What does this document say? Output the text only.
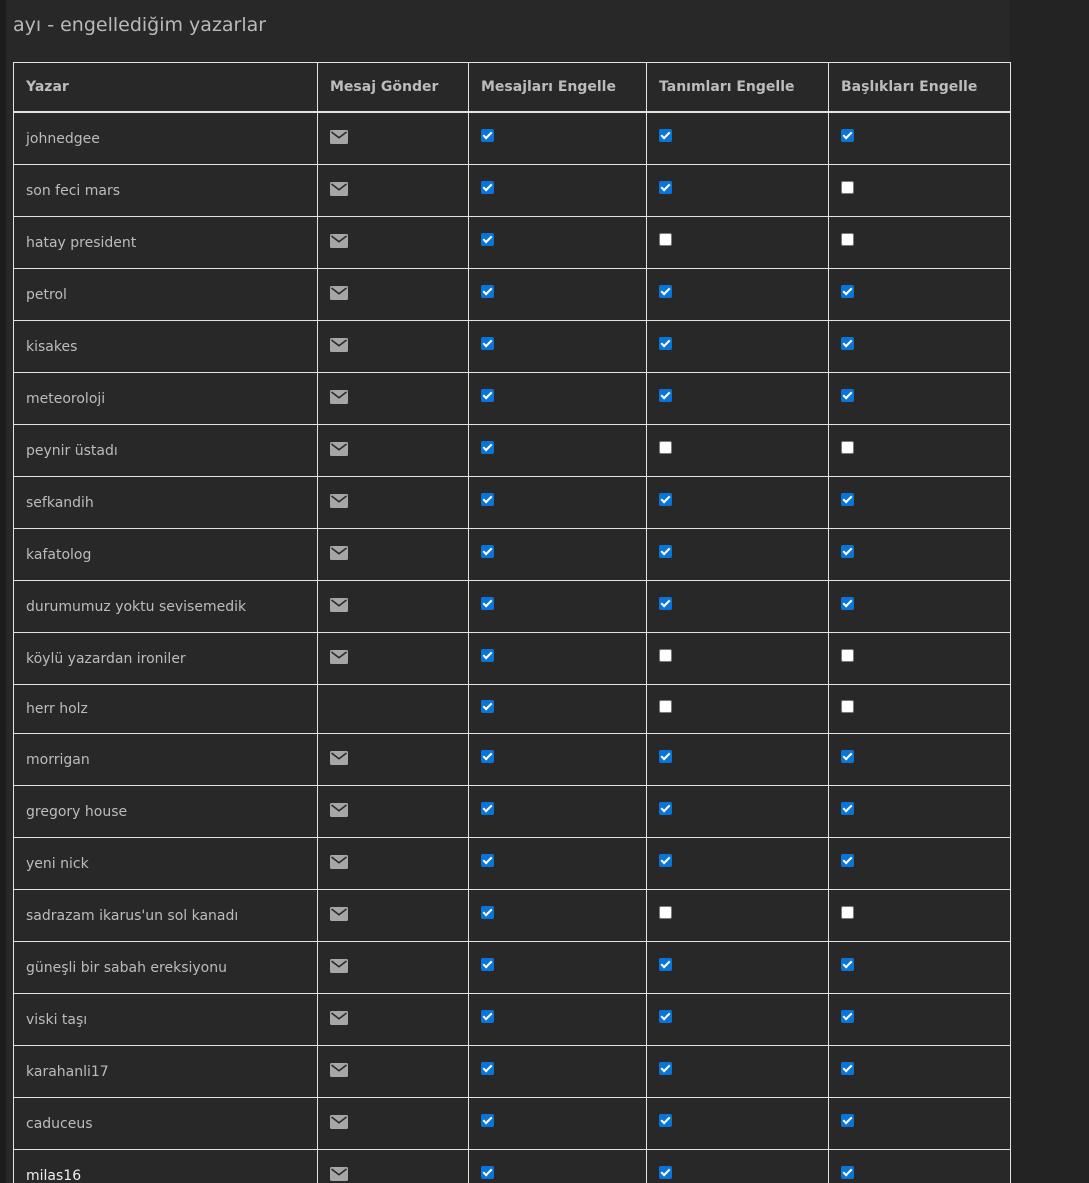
ayı - engellediğim yazarlar
Yazar	Mesaj Gönder	Mesajları Engelle	Tanımları Engelle	Başlıkları Engelle
johnedgee				
son feci mars				
hatay president				
petrol				
kisakes				
meteoroloji				
peynir üstadı				
sefkandih				
kafatolog				
durumumuz yoktu sevisemedik				
köylü yazardan ironiler				
herr holz				
morrigan				
gregory house				
yeni nick				
sadrazam ikarus'un sol kanadı				
güneşli bir sabah ereksiyonu				
viski taşı				
karahanli17				
caduceus				
milas16				
